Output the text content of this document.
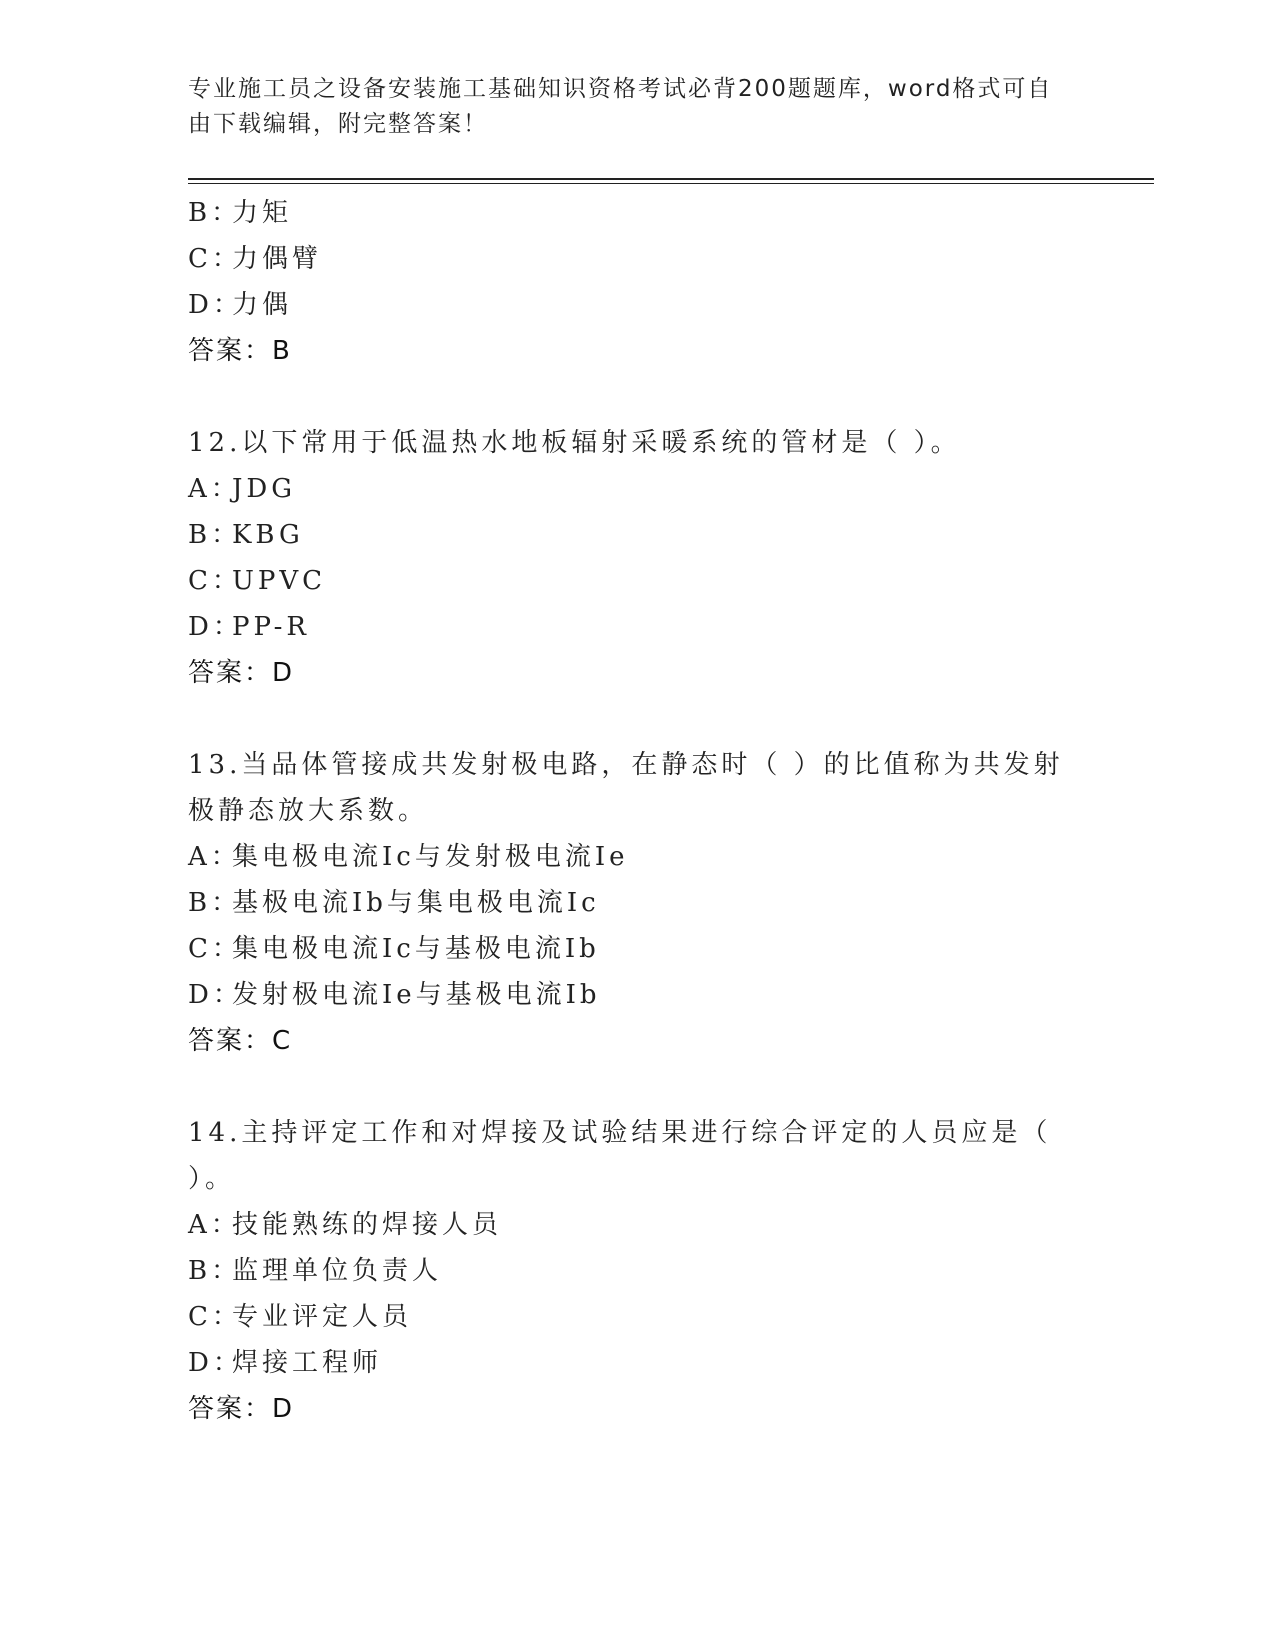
专业施工员之设备安装施工基础知识资格考试必背200题题库，word格式可自由下载编辑，附完整答案！
B：力矩
C：力偶臂
D：力偶
答案：B
12.以下常用于低温热水地板辐射采暖系统的管材是（ ）。
A：JDG
B：KBG
C：UPVC
D：PP-R
答案：D
13.当品体管接成共发射极电路，在静态时（ ）的比值称为共发射极静态放大系数。
A：集电极电流Ic与发射极电流Ie
B：基极电流Ib与集电极电流Ic
C：集电极电流Ic与基极电流Ib
D：发射极电流Ie与基极电流Ib
答案：C
14.主持评定工作和对焊接及试验结果进行综合评定的人员应是（ ）。
A：技能熟练的焊接人员
B：监理单位负责人
C：专业评定人员
D：焊接工程师
答案：D
